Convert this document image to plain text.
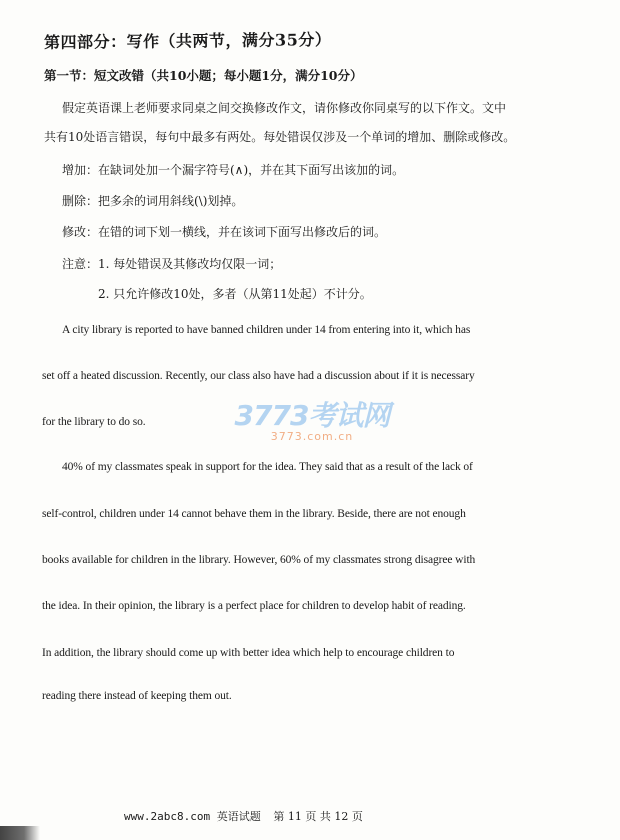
第四部分：写作（共两节，满分35分）
第一节：短文改错（共10小题；每小题1分，满分10分）
假定英语课上老师要求同桌之间交换修改作文，请你修改你同桌写的以下作文。文中
共有10处语言错误，每句中最多有两处。每处错误仅涉及一个单词的增加、删除或修改。
增加：在缺词处加一个漏字符号(∧)，并在其下面写出该加的词。
删除：把多余的词用斜线(\)划掉。
修改：在错的词下划一横线，并在该词下面写出修改后的词。
注意：1. 每处错误及其修改均仅限一词；
2. 只允许修改10处，多者（从第11处起）不计分。
A city library is reported to have banned children under 14 from entering into it, which has
set off a heated discussion. Recently, our class also have had a discussion about if it is necessary
for the library to do so.
40% of my classmates speak in support for the idea. They said that as a result of the lack of
self-control, children under 14 cannot behave them in the library. Beside, there are not enough
books available for children in the library. However, 60% of my classmates strong disagree with
the idea. In their opinion, the library is a perfect place for children to develop habit of reading.
In addition, the library should come up with better idea which help to encourage children to
reading there instead of keeping them out.
3773考试网
3773.com.cn
www.2abc8.com 英语试题 第 11 页 共 12 页
